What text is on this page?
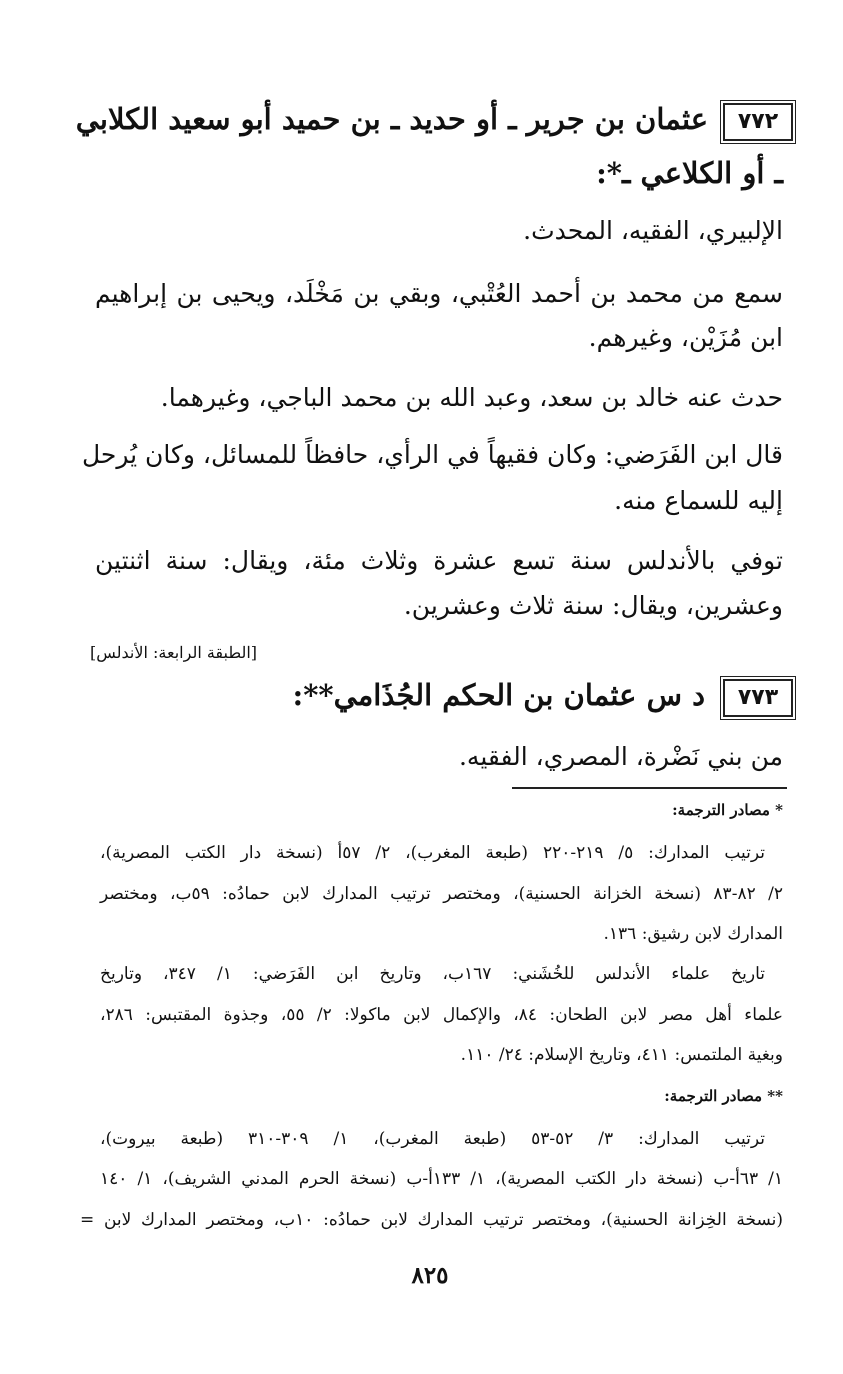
٧٧٢
عثمان بن جرير ـ أو حديد ـ بن حميد أبو سعيد الكلابي
ـ أو الكلاعي ـ*:
الإلبيري، الفقيه، المحدث.
سمع من محمد بن أحمد العُتْبي، وبقي بن مَخْلَد، ويحيى بن إبراهيم
ابن مُزَيْن، وغيرهم.
حدث عنه خالد بن سعد، وعبد الله بن محمد الباجي، وغيرهما.
قال ابن الفَرَضي: وكان فقيهاً في الرأي، حافظاً للمسائل، وكان يُرحل
إليه للسماع منه.
توفي بالأندلس سنة تسع عشرة وثلاث مئة، ويقال: سنة اثنتين
وعشرين، ويقال: سنة ثلاث وعشرين.
[الطبقة الرابعة: الأندلس]
٧٧٣
د س عثمان بن الحكم الجُذَامي**:
من بني نَضْرة، المصري، الفقيه.
* مصادر الترجمة:
ترتيب المدارك: ٥/ ٢١٩-٢٢٠ (طبعة المغرب)، ٢/ ٥٧أ (نسخة دار الكتب المصرية)،
٢/ ٨٢-٨٣ (نسخة الخزانة الحسنية)، ومختصر ترتيب المدارك لابن حمادُه: ٥٩ب، ومختصر
المدارك لابن رشيق: ١٣٦.
تاريخ علماء الأندلس للخُشَني: ١٦٧ب، وتاريخ ابن الفَرَضي: ١/ ٣٤٧، وتاريخ
علماء أهل مصر لابن الطحان: ٨٤، والإكمال لابن ماكولا: ٢/ ٥٥، وجذوة المقتبس: ٢٨٦،
وبغية الملتمس: ٤١١، وتاريخ الإسلام: ٢٤/ ١١٠.
** مصادر الترجمة:
ترتيب المدارك: ٣/ ٥٢-٥٣ (طبعة المغرب)، ١/ ٣٠٩-٣١٠ (طبعة بيروت)،
١/ ٦٣أ-ب (نسخة دار الكتب المصرية)، ١/ ١٣٣أ-ب (نسخة الحرم المدني الشريف)، ١/ ١٤٠
(نسخة الخِزانة الحسنية)، ومختصر ترتيب المدارك لابن حمادُه: ١٠ب، ومختصر المدارك لابن =
٨٢٥
